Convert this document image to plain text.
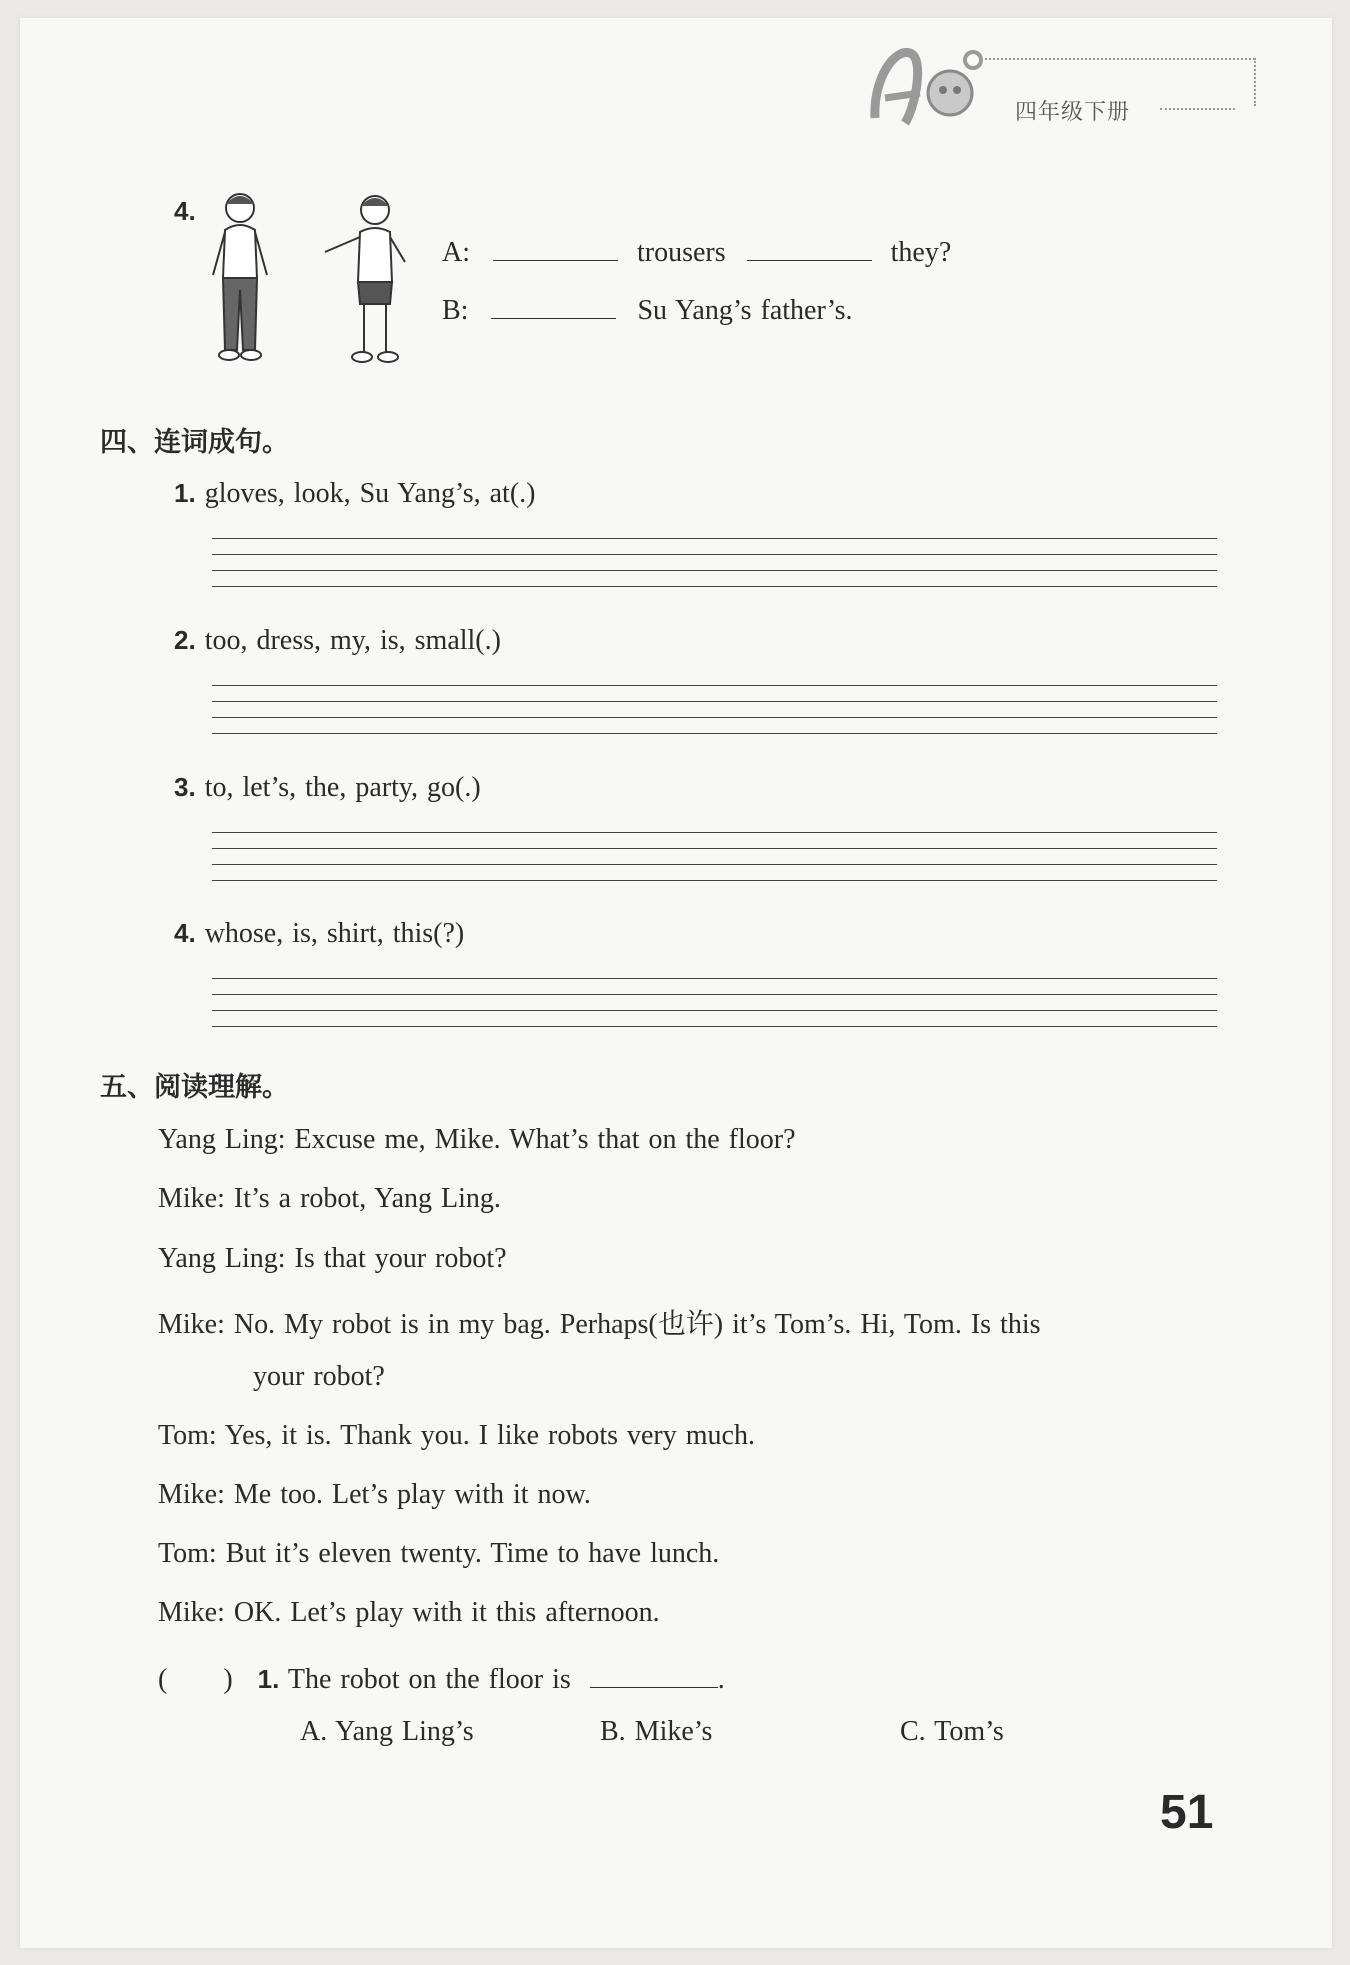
四年级下册
4.
A:	trousers	they?
B:	Su Yang’s father’s.
四、连词成句。
1. gloves, look, Su Yang’s, at(.)
2. too, dress, my, is, small(.)
3. to, let’s, the, party, go(.)
4. whose, is, shirt, this(?)
五、阅读理解。
Yang Ling: Excuse me, Mike. What’s that on the floor?
Mike: It’s a robot, Yang Ling.
Yang Ling: Is that your robot?
Mike: No. My robot is in my bag. Perhaps(也许) it’s Tom’s. Hi, Tom. Is this
your robot?
Tom: Yes, it is. Thank you. I like robots very much.
Mike: Me too. Let’s play with it now.
Tom: But it’s eleven twenty. Time to have lunch.
Mike: OK. Let’s play with it this afternoon.
(　　) 1. The robot on the floor is	.
A. Yang Ling’s	B. Mike’s	C. Tom’s
51
